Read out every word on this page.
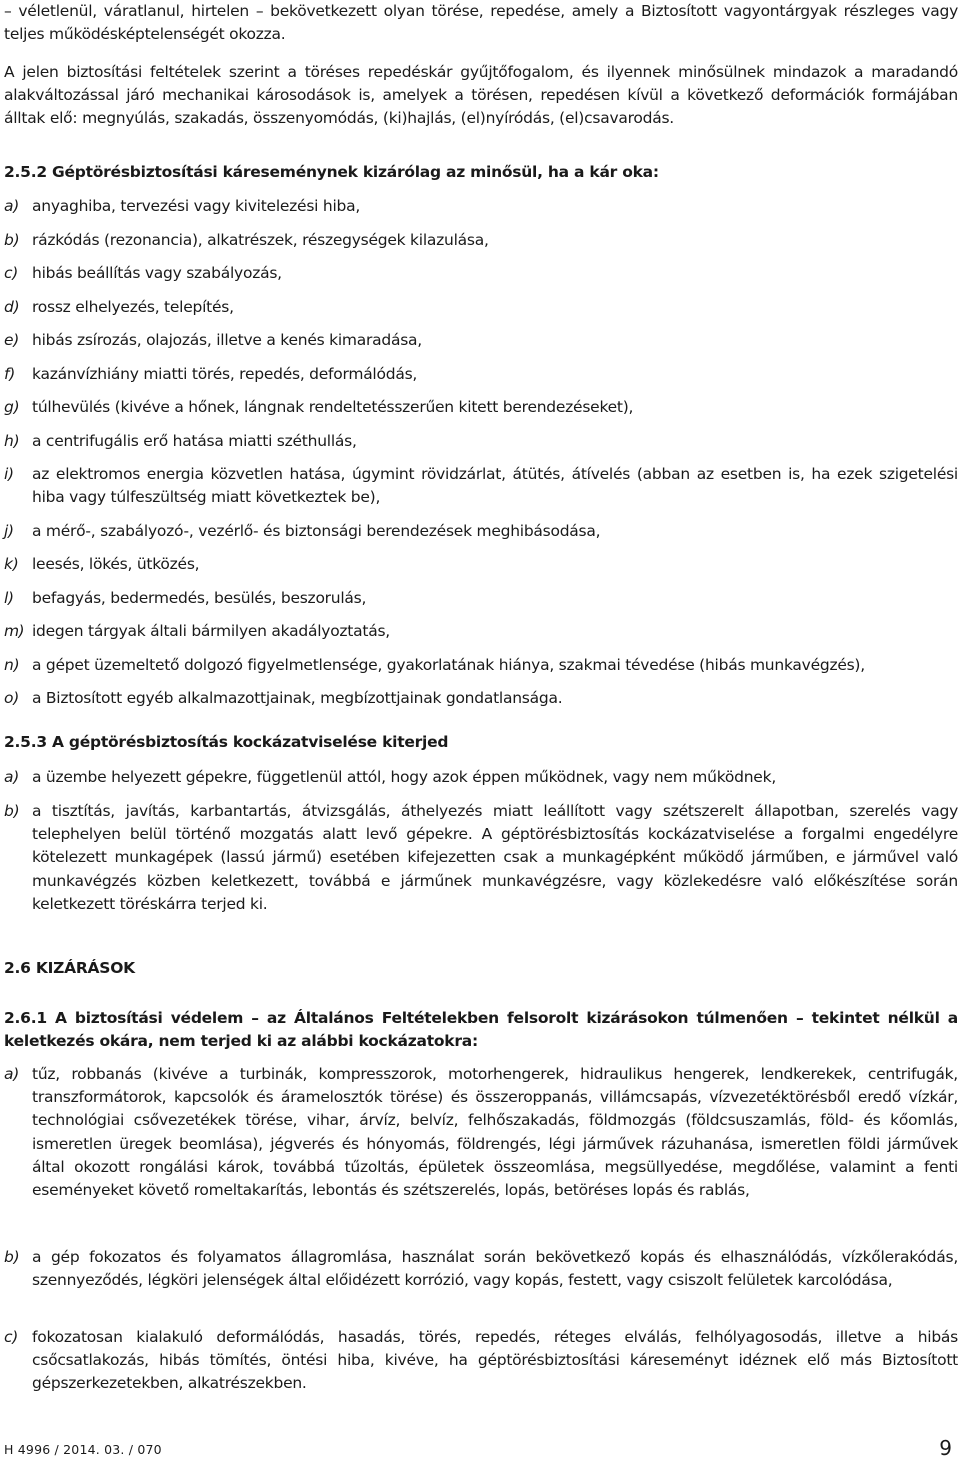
– véletlenül, váratlanul, hirtelen – bekövetkezett olyan törése, repedése, amely a Biztosított vagyontárgyak részleges vagy teljes működésképtelenségét okozza.
A jelen biztosítási feltételek szerint a töréses repedéskár gyűjtőfogalom, és ilyennek minősülnek mindazok a maradandó alakváltozással járó mechanikai károsodások is, amelyek a törésen, repedésen kívül a következő deformációk formájában álltak elő: megnyúlás, szakadás, összenyomódás, (ki)hajlás, (el)nyíródás, (el)csavarodás.
2.5.2 Géptörésbiztosítási káreseménynek kizárólag az minősül, ha a kár oka:
a) anyaghiba, tervezési vagy kivitelezési hiba,
b) rázkódás (rezonancia), alkatrészek, részegységek kilazulása,
c) hibás beállítás vagy szabályozás,
d) rossz elhelyezés, telepítés,
e) hibás zsírozás, olajozás, illetve a kenés kimaradása,
f) kazánvízhiány miatti törés, repedés, deformálódás,
g) túlhevülés (kivéve a hőnek, lángnak rendeltetésszerűen kitett berendezéseket),
h) a centrifugális erő hatása miatti széthullás,
i) az elektromos energia közvetlen hatása, úgymint rövidzárlat, átütés, átívelés (abban az esetben is, ha ezek szigetelési hiba vagy túlfeszültség miatt következtek be),
j) a mérő-, szabályozó-, vezérlő- és biztonsági berendezések meghibásodása,
k) leesés, lökés, ütközés,
l) befagyás, bedermedés, besülés, beszorulás,
m) idegen tárgyak általi bármilyen akadályoztatás,
n) a gépet üzemeltető dolgozó figyelmetlensége, gyakorlatának hiánya, szakmai tévedése (hibás munkavégzés),
o) a Biztosított egyéb alkalmazottjainak, megbízottjainak gondatlansága.
2.5.3 A géptörésbiztosítás kockázatviselése kiterjed
a) a üzembe helyezett gépekre, függetlenül attól, hogy azok éppen működnek, vagy nem működnek,
b) a tisztítás, javítás, karbantartás, átvizsgálás, áthelyezés miatt leállított vagy szétszerelt állapotban, szerelés vagy telephelyen belül történő mozgatás alatt levő gépekre. A géptörésbiztosítás kockázatviselése a forgalmi engedélyre kötelezett munkagépek (lassú jármű) esetében kifejezetten csak a munkagépként működő járműben, e járművel való munkavégzés közben keletkezett, továbbá e járműnek munkavégzésre, vagy közlekedésre való előkészítése során keletkezett töréskárra terjed ki.
2.6 KIZÁRÁSOK
2.6.1 A biztosítási védelem – az Általános Feltételekben felsorolt kizárásokon túlmenően – tekintet nélkül a keletkezés okára, nem terjed ki az alábbi kockázatokra:
a) tűz, robbanás (kivéve a turbinák, kompresszorok, motorhengerek, hidraulikus hengerek, lendkerekek, centrifugák, transzformátorok, kapcsolók és áramelosztók törése) és összeroppanás, villámcsapás, vízvezetéktörésből eredő vízkár, technológiai csővezetékek törése, vihar, árvíz, belvíz, felhőszakadás, földmozgás (földcsuszamlás, föld- és kőomlás, ismeretlen üregek beomlása), jégverés és hónyomás, földrengés, légi járművek rázuhanása, ismeretlen földi járművek által okozott rongálási károk, továbbá tűzoltás, épületek összeomlása, megsüllyedése, megdőlése, valamint a fenti eseményeket követő romeltakarítás, lebontás és szétszerelés, lopás, betöréses lopás és rablás,
b) a gép fokozatos és folyamatos állagromlása, használat során bekövetkező kopás és elhasználódás, vízkőlerakódás, szennyeződés, légköri jelenségek által előidézett korrózió, vagy kopás, festett, vagy csiszolt felületek karcolódása,
c) fokozatosan kialakuló deformálódás, hasadás, törés, repedés, réteges elválás, felhólyagosodás, illetve a hibás csőcsatlakozás, hibás tömítés, öntési hiba, kivéve, ha géptörésbiztosítási káreseményt idéznek elő más Biztosított gépszerkezetekben, alkatrészekben.
H 4996 / 2014. 03. / 070	9
